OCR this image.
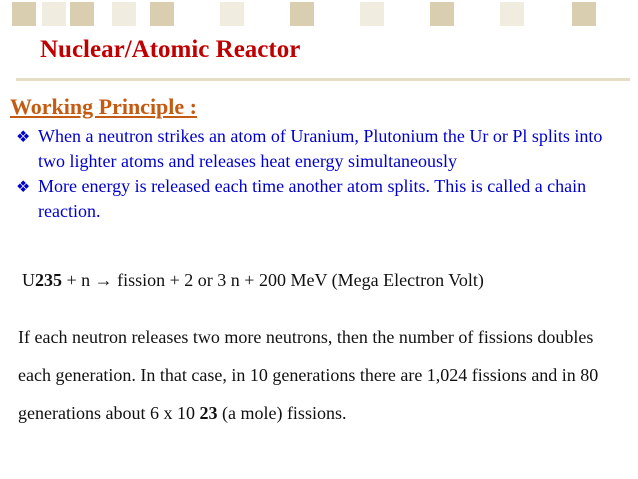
Nuclear/Atomic Reactor
Working Principle :
❖ When a neutron strikes an atom of Uranium, Plutonium the Ur or Pl splits into two lighter atoms and releases heat energy simultaneously
❖ More energy is released each time another atom splits. This is called a chain reaction.
U235 + n → fission + 2 or 3 n + 200 MeV (Mega Electron Volt)
If each neutron releases two more neutrons, then the number of fissions doubles each generation. In that case, in 10 generations there are 1,024 fissions and in 80 generations about 6 x 10 23 (a mole) fissions.
